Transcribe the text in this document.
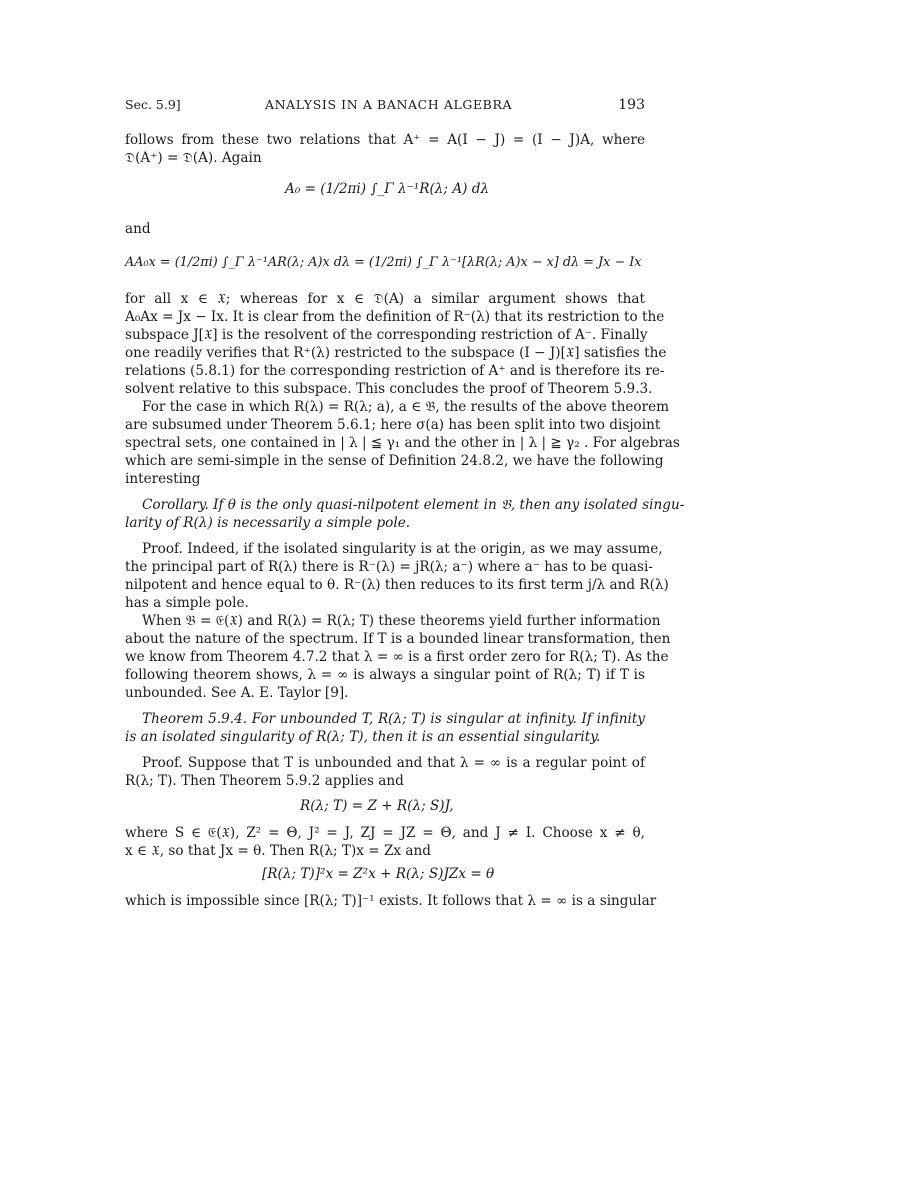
Sec. 5.9]	ANALYSIS IN A BANACH ALGEBRA	193
follows from these two relations that A⁺ = A(I − J) = (I − J)A, where
𝔇(A⁺) = 𝔇(A). Again
A₀ = (1/2πi) ∫_Γ λ⁻¹R(λ; A) dλ
and
AA₀x = (1/2πi) ∫_Γ λ⁻¹AR(λ; A)x dλ = (1/2πi) ∫_Γ λ⁻¹[λR(λ; A)x − x] dλ = Jx − Ix
for all x ∈ 𝔛; whereas for x ∈ 𝔇(A) a similar argument shows that
A₀Ax = Jx − Ix. It is clear from the definition of R⁻(λ) that its restriction to the
subspace J[𝔛] is the resolvent of the corresponding restriction of A⁻. Finally
one readily verifies that R⁺(λ) restricted to the subspace (I − J)[𝔛] satisfies the
relations (5.8.1) for the corresponding restriction of A⁺ and is therefore its re-
solvent relative to this subspace. This concludes the proof of Theorem 5.9.3.
For the case in which R(λ) = R(λ; a), a ∈ 𝔅, the results of the above theorem
are subsumed under Theorem 5.6.1; here σ(a) has been split into two disjoint
spectral sets, one contained in | λ | ≦ γ₁ and the other in | λ | ≧ γ₂ . For algebras
which are semi-simple in the sense of Definition 24.8.2, we have the following
interesting
Corollary. If θ is the only quasi-nilpotent element in 𝔅, then any isolated singu-
larity of R(λ) is necessarily a simple pole.
Proof. Indeed, if the isolated singularity is at the origin, as we may assume,
the principal part of R(λ) there is R⁻(λ) = jR(λ; a⁻) where a⁻ has to be quasi-
nilpotent and hence equal to θ. R⁻(λ) then reduces to its first term j/λ and R(λ)
has a simple pole.
When 𝔅 = 𝔈(𝔛) and R(λ) = R(λ; T) these theorems yield further information
about the nature of the spectrum. If T is a bounded linear transformation, then
we know from Theorem 4.7.2 that λ = ∞ is a first order zero for R(λ; T). As the
following theorem shows, λ = ∞ is always a singular point of R(λ; T) if T is
unbounded. See A. E. Taylor [9].
Theorem 5.9.4. For unbounded T, R(λ; T) is singular at infinity. If infinity
is an isolated singularity of R(λ; T), then it is an essential singularity.
Proof. Suppose that T is unbounded and that λ = ∞ is a regular point of
R(λ; T). Then Theorem 5.9.2 applies and
R(λ; T) = Z + R(λ; S)J,
where S ∈ 𝔈(𝔛), Z² = Θ, J² = J, ZJ = JZ = Θ, and J ≠ I. Choose x ≠ θ,
x ∈ 𝔛, so that Jx = θ. Then R(λ; T)x = Zx and
[R(λ; T)]²x = Z²x + R(λ; S)JZx = θ
which is impossible since [R(λ; T)]⁻¹ exists. It follows that λ = ∞ is a singular
